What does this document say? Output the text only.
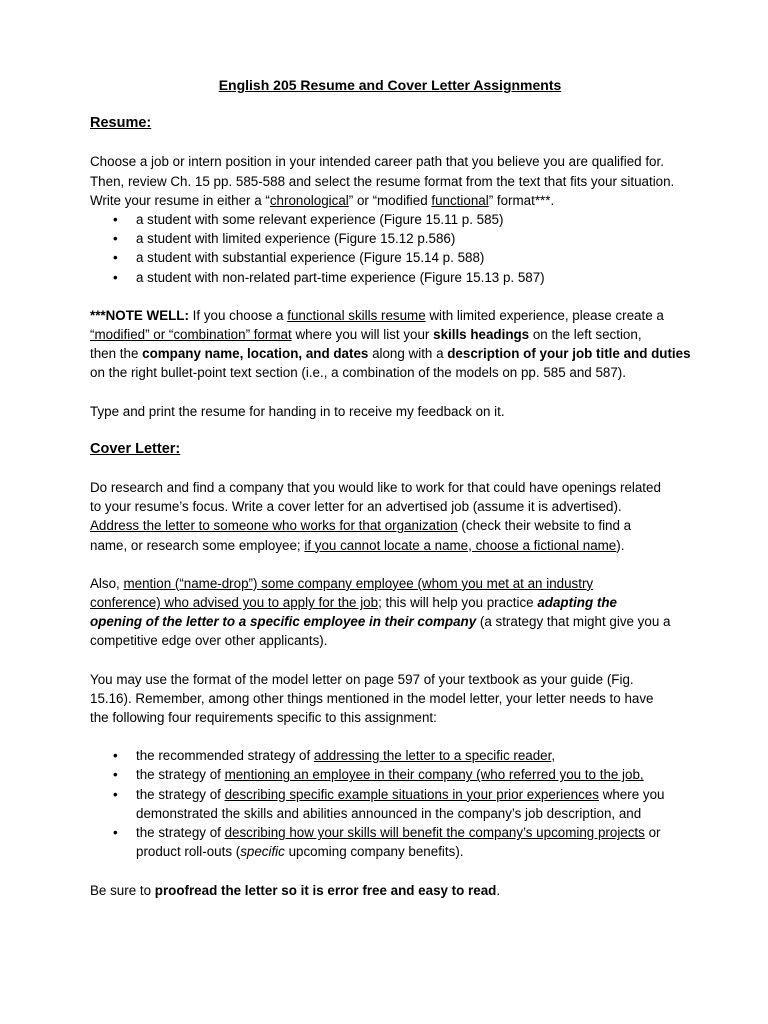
English 205 Resume and Cover Letter Assignments

Resume:

Choose a job or intern position in your intended career path that you believe you are qualified for.

Then, review Ch. 15 pp. 585-588 and select the resume format from the text that fits your situation.

Write your resume in either a “chronological” or “modified functional” format***.

• a student with some relevant experience (Figure 15.11 p. 585)
• a student with limited experience (Figure 15.12 p.586)
• a student with substantial experience (Figure 15.14 p. 588)
• a student with non-related part-time experience (Figure 15.13 p. 587)

***NOTE WELL: If you choose a functional skills resume with limited experience, please create a

“modified” or “combination” format where you will list your skills headings on the left section,

then the company name, location, and dates along with a description of your job title and duties

on the right bullet-point text section (i.e., a combination of the models on pp. 585 and 587).

Type and print the resume for handing in to receive my feedback on it.

Cover Letter:

Do research and find a company that you would like to work for that could have openings related

to your resume’s focus. Write a cover letter for an advertised job (assume it is advertised).

Address the letter to someone who works for that organization (check their website to find a

name, or research some employee; if you cannot locate a name, choose a fictional name).

Also, mention (“name-drop”) some company employee (whom you met at an industry

conference) who advised you to apply for the job; this will help you practice adapting the

opening of the letter to a specific employee in their company (a strategy that might give you a

competitive edge over other applicants).

You may use the format of the model letter on page 597 of your textbook as your guide (Fig.

15.16). Remember, among other things mentioned in the model letter, your letter needs to have

the following four requirements specific to this assignment:

• the recommended strategy of addressing the letter to a specific reader,
• the strategy of mentioning an employee in their company (who referred you to the job,
• the strategy of describing specific example situations in your prior experiences where you
demonstrated the skills and abilities announced in the company’s job description, and
• the strategy of describing how your skills will benefit the company’s upcoming projects or
product roll-outs (specific upcoming company benefits).

Be sure to proofread the letter so it is error free and easy to read.
